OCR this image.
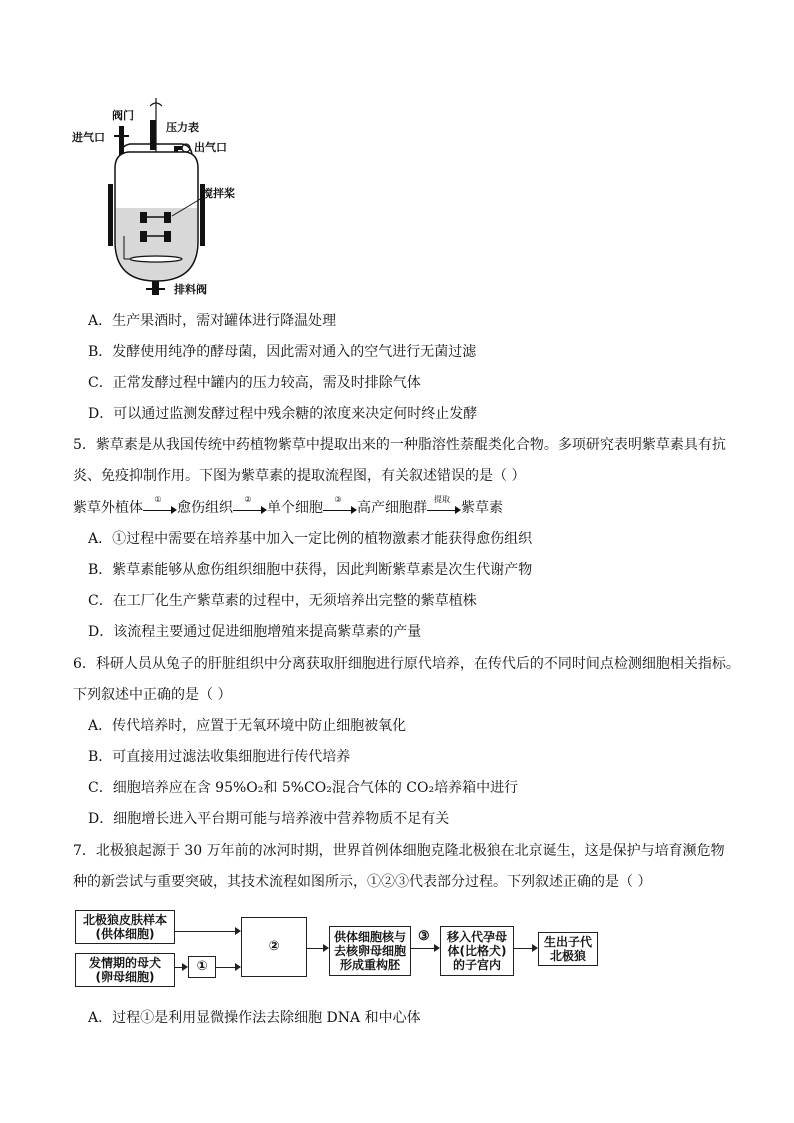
阀门
进气口
压力表
出气口
搅拌桨
排料阀
A．生产果酒时，需对罐体进行降温处理
B．发酵使用纯净的酵母菌，因此需对通入的空气进行无菌过滤
C．正常发酵过程中罐内的压力较高，需及时排除气体
D．可以通过监测发酵过程中残余糖的浓度来决定何时终止发酵
5．紫草素是从我国传统中药植物紫草中提取出来的一种脂溶性萘醌类化合物。多项研究表明紫草素具有抗
炎、免疫抑制作用。下图为紫草素的提取流程图，有关叙述错误的是（ ）
紫草外植体
①
愈伤组织
②
单个细胞
③
高产细胞群
提取
紫草素
A．①过程中需要在培养基中加入一定比例的植物激素才能获得愈伤组织
B．紫草素能够从愈伤组织细胞中获得，因此判断紫草素是次生代谢产物
C．在工厂化生产紫草素的过程中，无须培养出完整的紫草植株
D．该流程主要通过促进细胞增殖来提高紫草素的产量
6．科研人员从兔子的肝脏组织中分离获取肝细胞进行原代培养，在传代后的不同时间点检测细胞相关指标。
下列叙述中正确的是（ ）
A．传代培养时，应置于无氧环境中防止细胞被氧化
B．可直接用过滤法收集细胞进行传代培养
C．细胞培养应在含 95%O₂和 5%CO₂混合气体的 CO₂培养箱中进行
D．细胞增长进入平台期可能与培养液中营养物质不足有关
7．北极狼起源于 30 万年前的冰河时期，世界首例体细胞克隆北极狼在北京诞生，这是保护与培育濒危物
种的新尝试与重要突破，其技术流程如图所示，①②③代表部分过程。下列叙述正确的是（ ）
北极狼皮肤样本
(供体细胞)
发情期的母犬
(卵母细胞)
①
②
供体细胞核与
去核卵母细胞
形成重构胚
③ 移入代孕母
体(比格犬)
的子宫内
生出子代
北极狼
A．过程①是利用显微操作法去除细胞 DNA 和中心体
